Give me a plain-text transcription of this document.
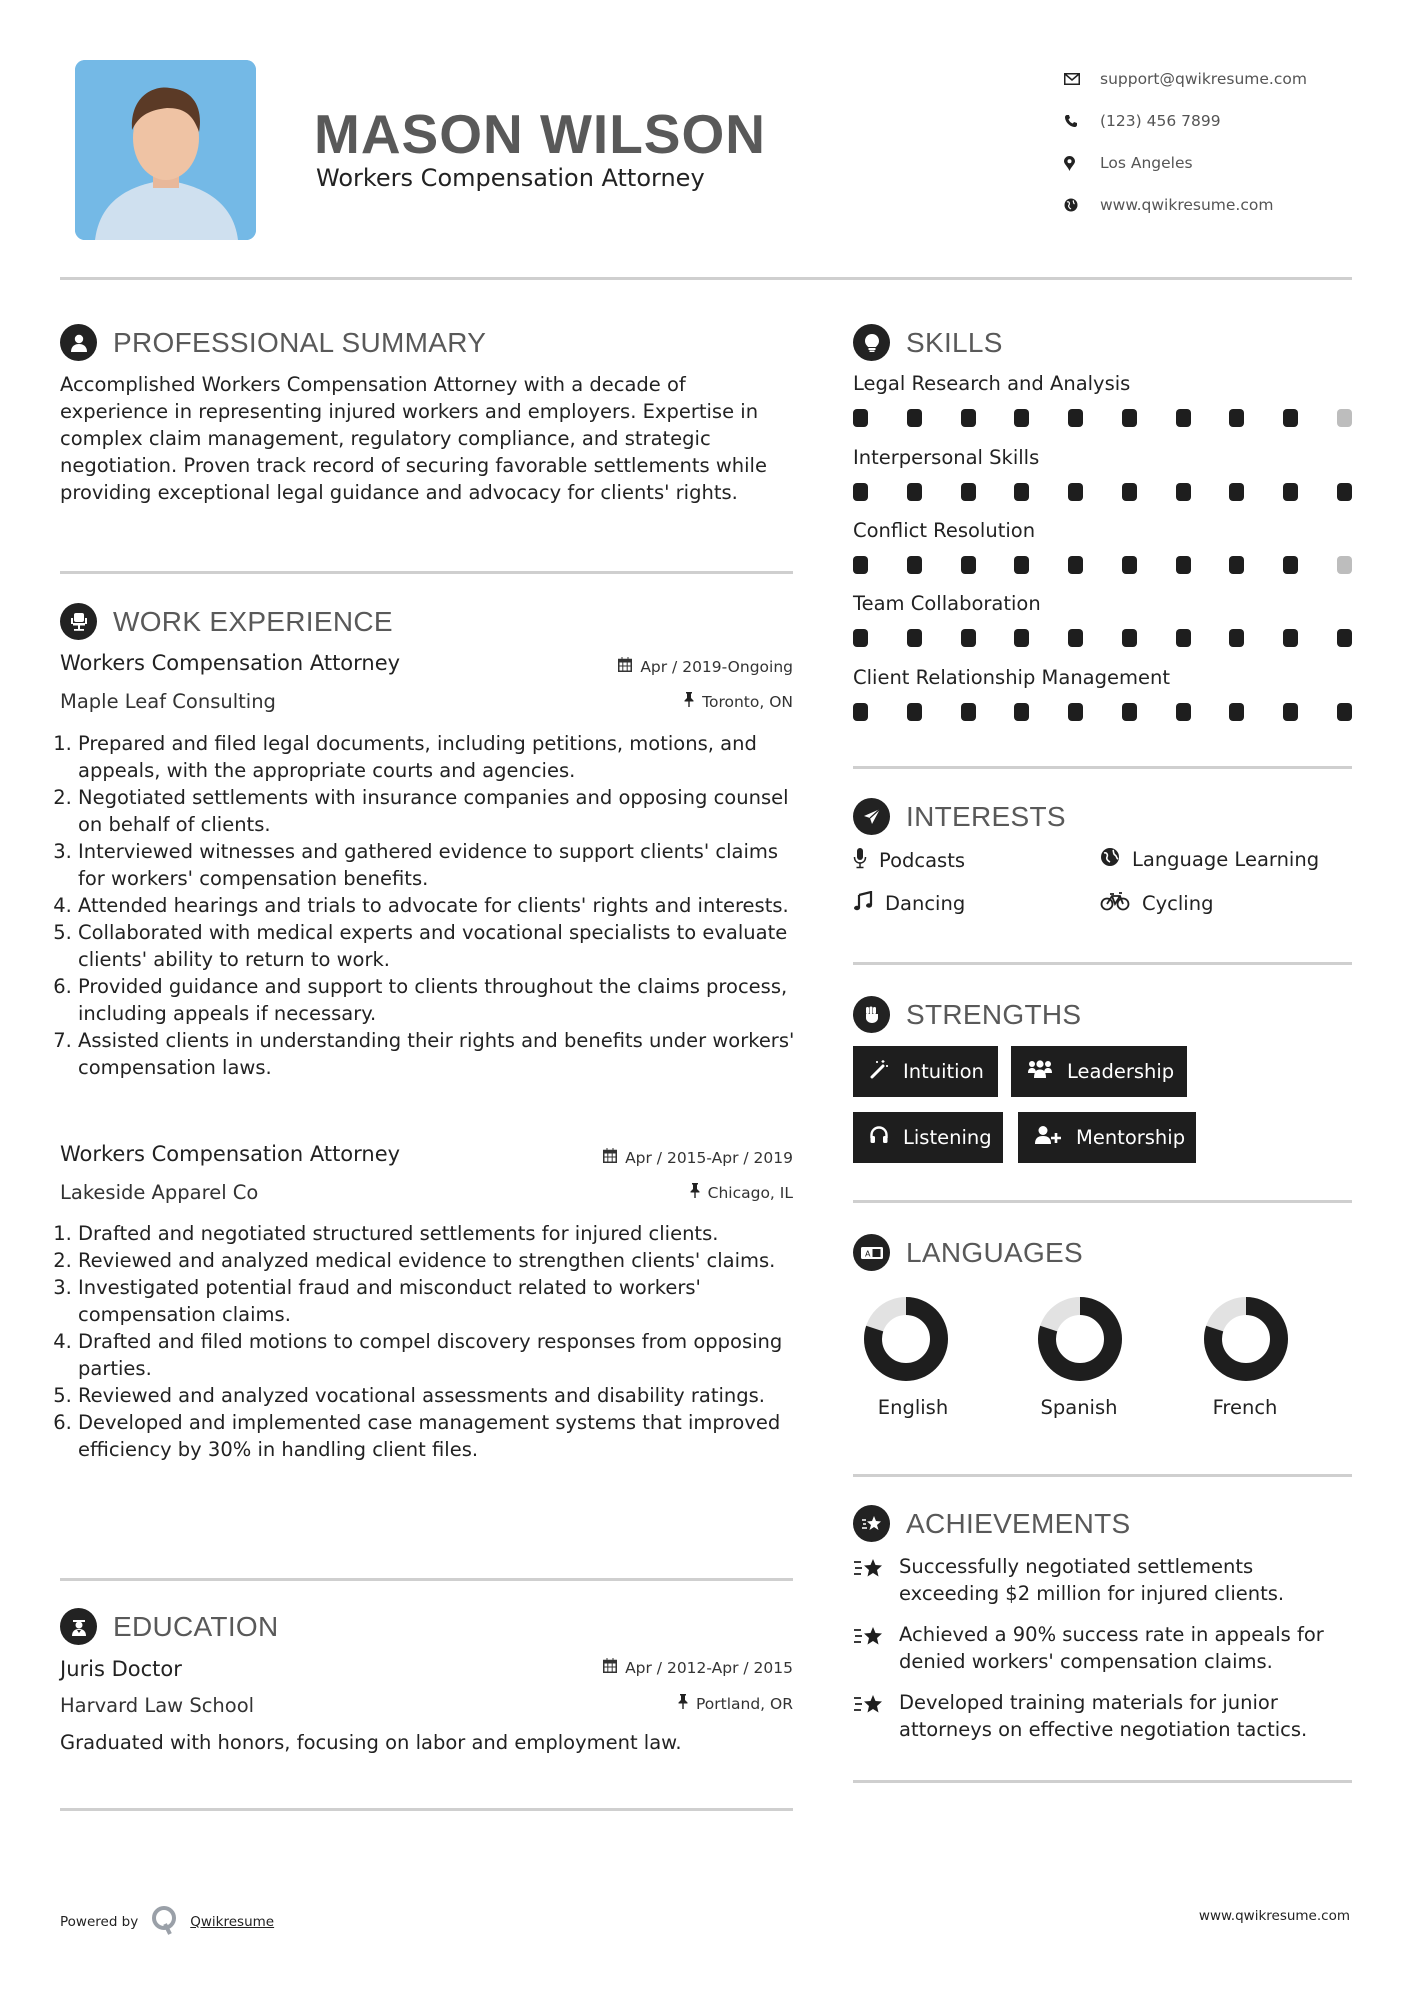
MASON WILSON
Workers Compensation Attorney
support@qwikresume.com
(123) 456 7899
Los Angeles
www.qwikresume.com
PROFESSIONAL SUMMARY
Accomplished Workers Compensation Attorney with a decade of experience in representing injured workers and employers. Expertise in complex claim management, regulatory compliance, and strategic negotiation. Proven track record of securing favorable settlements while providing exceptional legal guidance and advocacy for clients' rights.
WORK EXPERIENCE
Workers Compensation Attorney	Apr / 2019-Ongoing
Maple Leaf Consulting	Toronto, ON
1. Prepared and filed legal documents, including petitions, motions, and appeals, with the appropriate courts and agencies.
2. Negotiated settlements with insurance companies and opposing counsel on behalf of clients.
3. Interviewed witnesses and gathered evidence to support clients' claims for workers' compensation benefits.
4. Attended hearings and trials to advocate for clients' rights and interests.
5. Collaborated with medical experts and vocational specialists to evaluate clients' ability to return to work.
6. Provided guidance and support to clients throughout the claims process, including appeals if necessary.
7. Assisted clients in understanding their rights and benefits under workers' compensation laws.
Workers Compensation Attorney	Apr / 2015-Apr / 2019
Lakeside Apparel Co	Chicago, IL
1. Drafted and negotiated structured settlements for injured clients.
2. Reviewed and analyzed medical evidence to strengthen clients' claims.
3. Investigated potential fraud and misconduct related to workers' compensation claims.
4. Drafted and filed motions to compel discovery responses from opposing parties.
5. Reviewed and analyzed vocational assessments and disability ratings.
6. Developed and implemented case management systems that improved efficiency by 30% in handling client files.
EDUCATION
Juris Doctor	Apr / 2012-Apr / 2015
Harvard Law School	Portland, OR
Graduated with honors, focusing on labor and employment law.
SKILLS
Legal Research and Analysis
Interpersonal Skills
Conflict Resolution
Team Collaboration
Client Relationship Management
INTERESTS
Podcasts	Language Learning
Dancing	Cycling
STRENGTHS
Intuition	Leadership
Listening	Mentorship
A LANGUAGES
English	Spanish	French
ACHIEVEMENTS
Successfully negotiated settlements exceeding $2 million for injured clients.
Achieved a 90% success rate in appeals for denied workers' compensation claims.
Developed training materials for junior attorneys on effective negotiation tactics.
Powered by	Qwikresume	www.qwikresume.com
